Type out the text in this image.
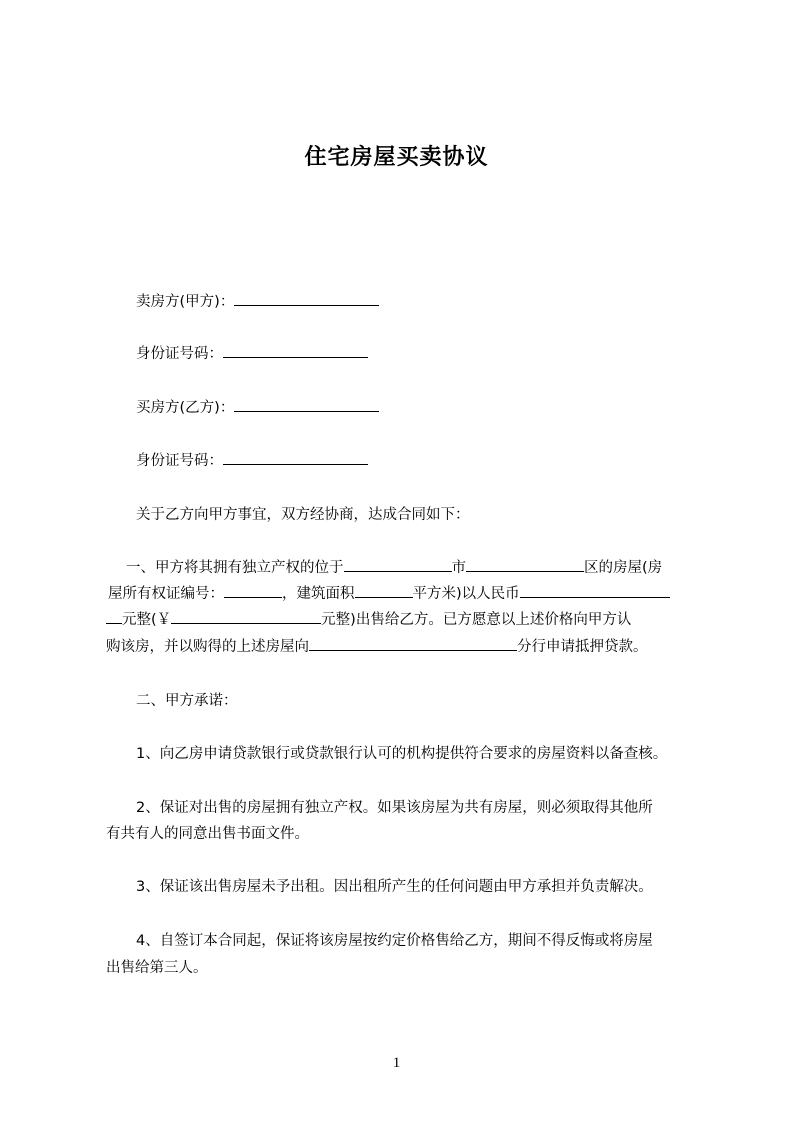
住宅房屋买卖协议
卖房方(甲方)：
身份证号码：
买房方(乙方)：
身份证号码：
关于乙方向甲方事宜，双方经协商，达成合同如下：
一、甲方将其拥有独立产权的位于	市	区的房屋(房
屋所有权证编号：	，建筑面积	平方米)以人民币
元整(￥	元整)出售给乙方。已方愿意以上述价格向甲方认
购该房，并以购得的上述房屋向	分行申请抵押贷款。
二、甲方承诺：
1、向乙房申请贷款银行或贷款银行认可的机构提供符合要求的房屋资料以备查核。
2、保证对出售的房屋拥有独立产权。如果该房屋为共有房屋，则必须取得其他所
有共有人的同意出售书面文件。
3、保证该出售房屋未予出租。因出租所产生的任何问题由甲方承担并负责解决。
4、自签订本合同起，保证将该房屋按约定价格售给乙方，期间不得反悔或将房屋
出售给第三人。
1
